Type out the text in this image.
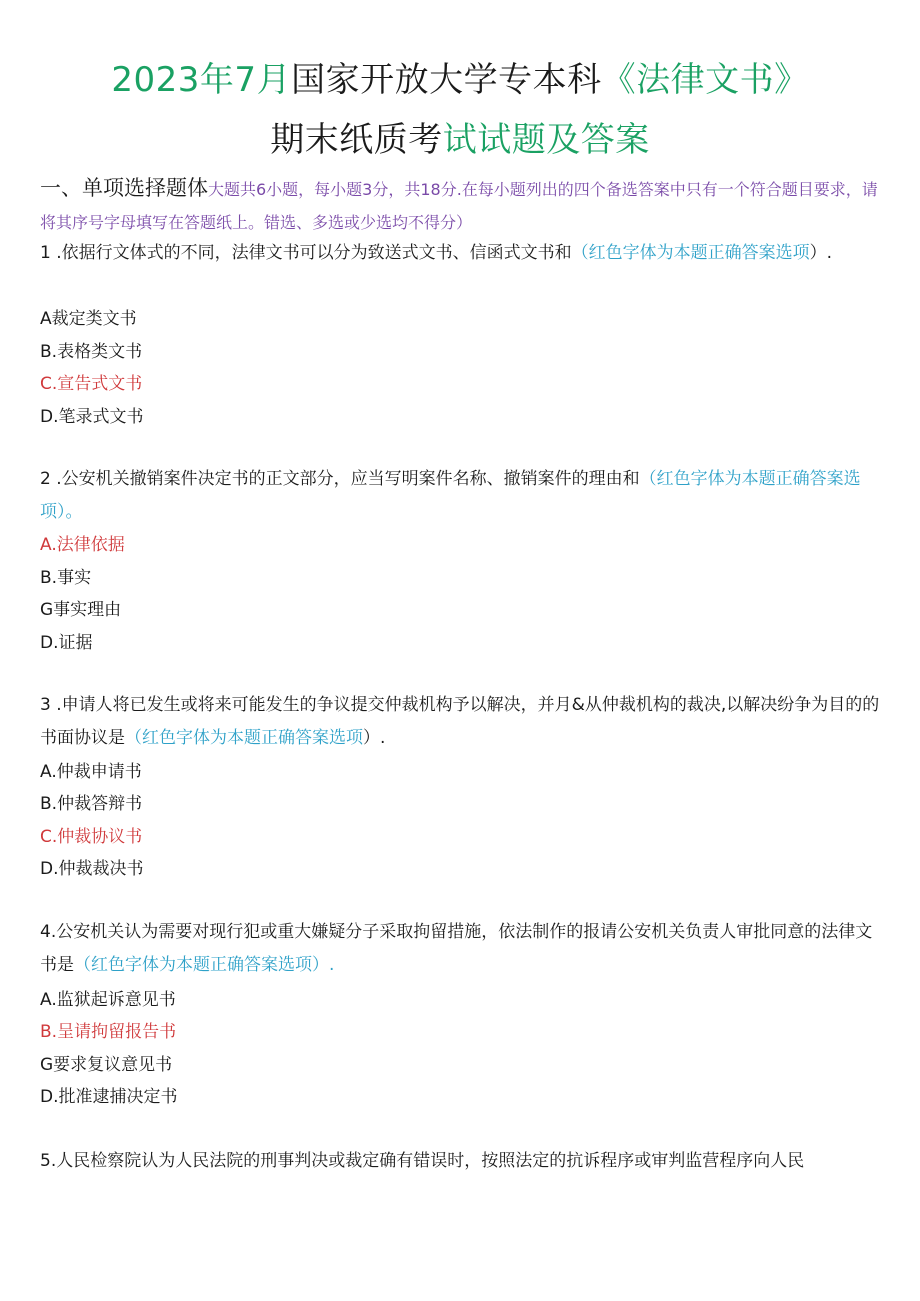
2023年7月国家开放大学专本科《法律文书》
期末纸质考试试题及答案
一、单项选择题体大题共6小题，每小题3分，共18分.在每小题列出的四个备选答案中只有一个符合题目要求，请将其序号字母填写在答题纸上。错选、多选或少选均不得分）
1 .依据行文体式的不同，法律文书可以分为致送式文书、信函式文书和（红色字体为本题正确答案选项）.
A裁定类文书
B.表格类文书
C.宣告式文书
D.笔录式文书
2 .公安机关撤销案件决定书的正文部分，应当写明案件名称、撤销案件的理由和（红色字体为本题正确答案选项）。
A.法律依据
B.事实
G事实理由
D.证据
3 .申请人将已发生或将来可能发生的争议提交仲裁机构予以解决，并月&从仲裁机构的裁决,以解决纷争为目的的书面协议是（红色字体为本题正确答案选项）.
A.仲裁申请书
B.仲裁答辩书
C.仲裁协议书
D.仲裁裁决书
4.公安机关认为需要对现行犯或重大嫌疑分子采取拘留措施，依法制作的报请公安机关负责人审批同意的法律文书是（红色字体为本题正确答案选项）.
A.监狱起诉意见书
B.呈请拘留报告书
G要求复议意见书
D.批准逮捕决定书
5.人民检察院认为人民法院的刑事判决或裁定确有错误时，按照法定的抗诉程序或审判监营程序向人民
